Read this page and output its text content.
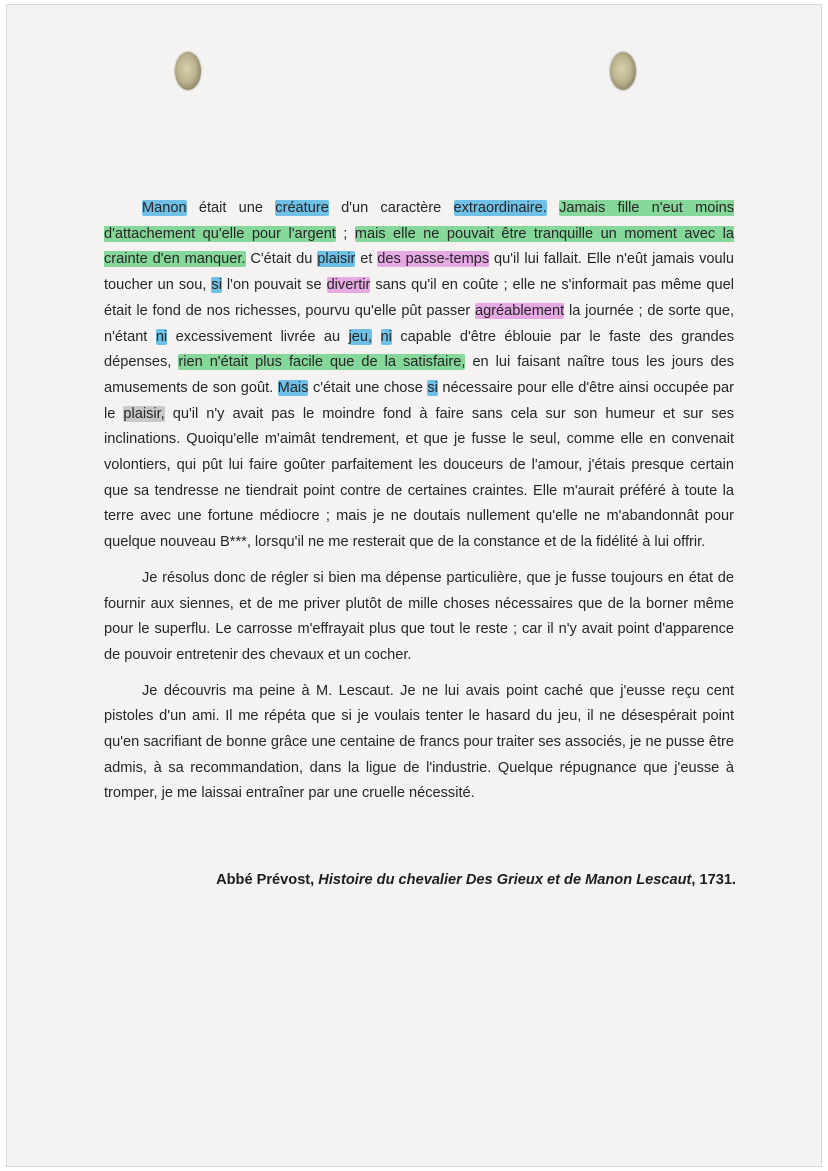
Manon était une créature d'un caractère extraordinaire. Jamais fille n'eut moins d'attachement qu'elle pour l'argent ; mais elle ne pouvait être tranquille un moment avec la crainte d'en manquer. C'était du plaisir et des passe-temps qu'il lui fallait. Elle n'eût jamais voulu toucher un sou, si l'on pouvait se divertir sans qu'il en coûte ; elle ne s'informait pas même quel était le fond de nos richesses, pourvu qu'elle pût passer agréablement la journée ; de sorte que, n'étant ni excessivement livrée au jeu, ni capable d'être éblouie par le faste des grandes dépenses, rien n'était plus facile que de la satisfaire, en lui faisant naître tous les jours des amusements de son goût. Mais c'était une chose si nécessaire pour elle d'être ainsi occupée par le plaisir, qu'il n'y avait pas le moindre fond à faire sans cela sur son humeur et sur ses inclinations. Quoiqu'elle m'aimât tendrement, et que je fusse le seul, comme elle en convenait volontiers, qui pût lui faire goûter parfaitement les douceurs de l'amour, j'étais presque certain que sa tendresse ne tiendrait point contre de certaines craintes. Elle m'aurait préféré à toute la terre avec une fortune médiocre ; mais je ne doutais nullement qu'elle ne m'abandonnât pour quelque nouveau B***, lorsqu'il ne me resterait que de la constance et de la fidélité à lui offrir.

Je résolus donc de régler si bien ma dépense particulière, que je fusse toujours en état de fournir aux siennes, et de me priver plutôt de mille choses nécessaires que de la borner même pour le superflu. Le carrosse m'effrayait plus que tout le reste ; car il n'y avait point d'apparence de pouvoir entretenir des chevaux et un cocher.

Je découvris ma peine à M. Lescaut. Je ne lui avais point caché que j'eusse reçu cent pistoles d'un ami. Il me répéta que si je voulais tenter le hasard du jeu, il ne désespérait point qu'en sacrifiant de bonne grâce une centaine de francs pour traiter ses associés, je ne pusse être admis, à sa recommandation, dans la ligue de l'industrie. Quelque répugnance que j'eusse à tromper, je me laissai entraîner par une cruelle nécessité.

Abbé Prévost, Histoire du chevalier Des Grieux et de Manon Lescaut, 1731.
